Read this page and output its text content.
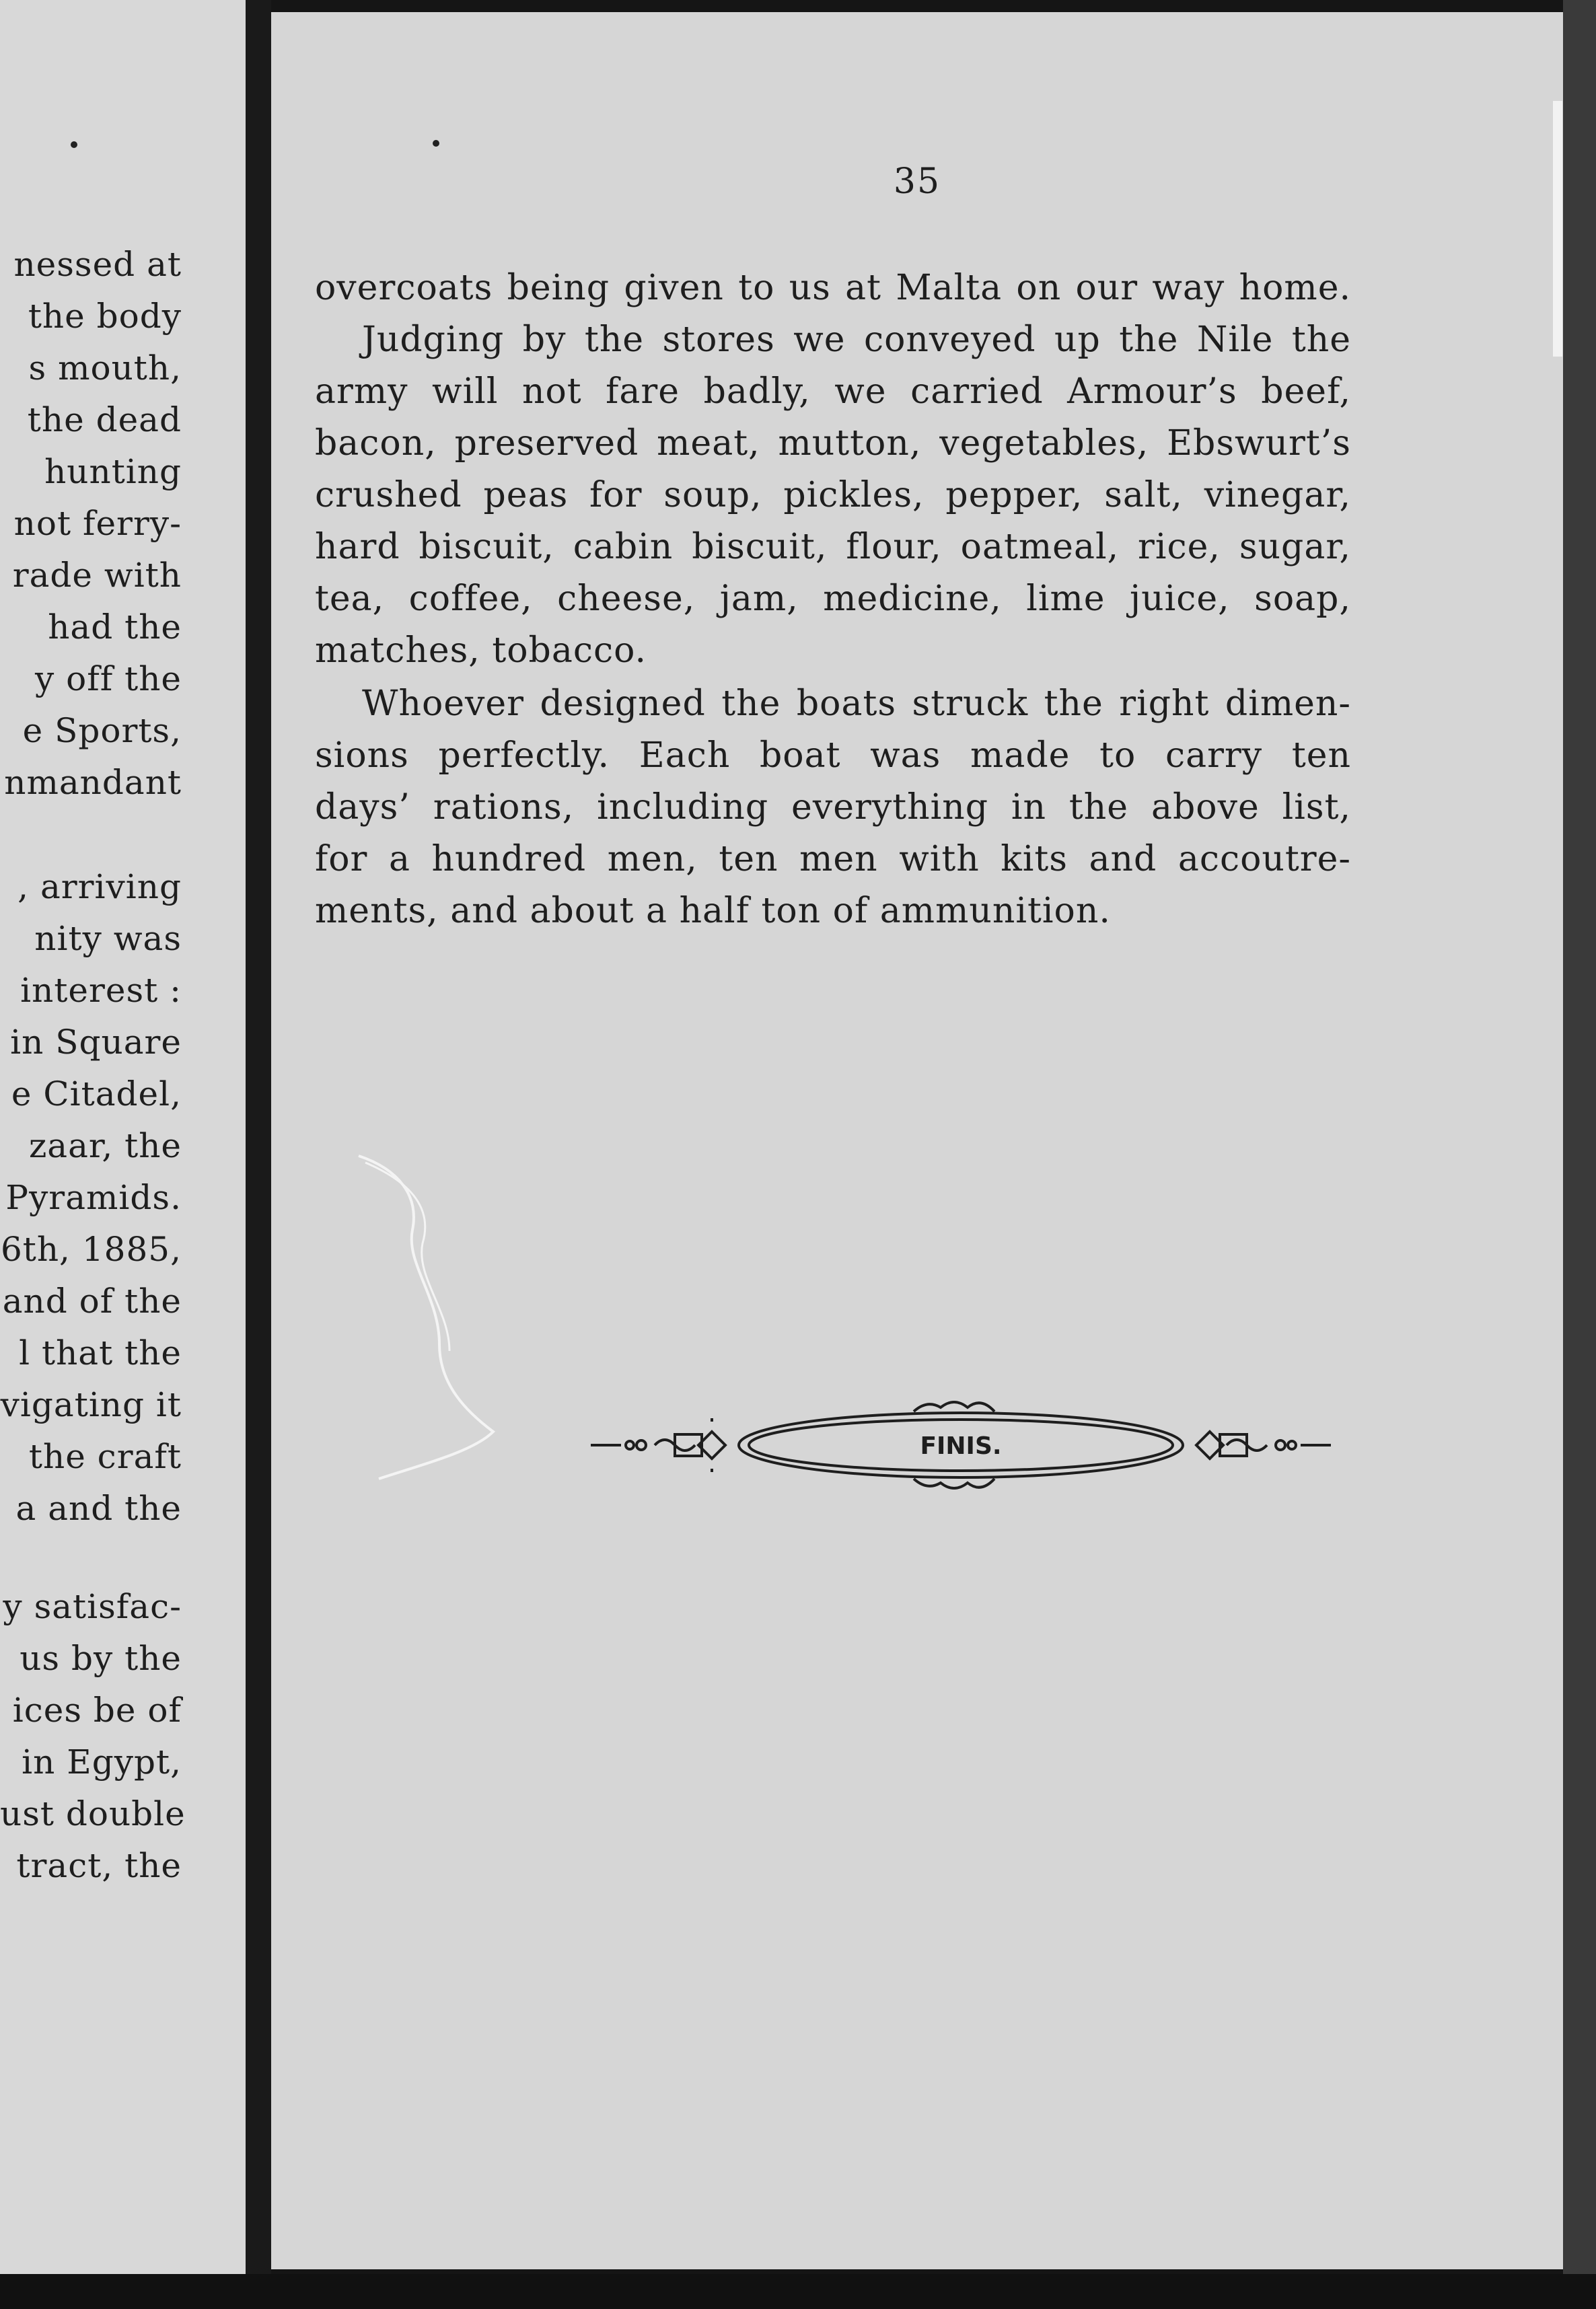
nessed at
the body
s mouth,
the dead
hunting
not ferry-
rade with
had the
y off the
e Sports,
nmandant
, arriving
nity was
interest :
in Square
e Citadel,
zaar, the
Pyramids.
6th, 1885,
and of the
l that the
vigating it
the craft
a and the
y satisfac-
us by the
ices be of
in Egypt,
ust double
tract, the
35
overcoats being given to us at Malta on our way home.
Judging by the stores we conveyed up the Nile the
army will not fare badly, we carried Armour’s beef,
bacon, preserved meat, mutton, vegetables, Ebswurt’s
crushed peas for soup, pickles, pepper, salt, vinegar,
hard biscuit, cabin biscuit, flour, oatmeal, rice, sugar,
tea, coffee, cheese, jam, medicine, lime juice, soap,
matches, tobacco.
Whoever designed the boats struck the right dimen-
sions perfectly. Each boat was made to carry ten
days’ rations, including everything in the above list,
for a hundred men, ten men with kits and accoutre-
ments, and about a half ton of ammunition.
FINIS.
